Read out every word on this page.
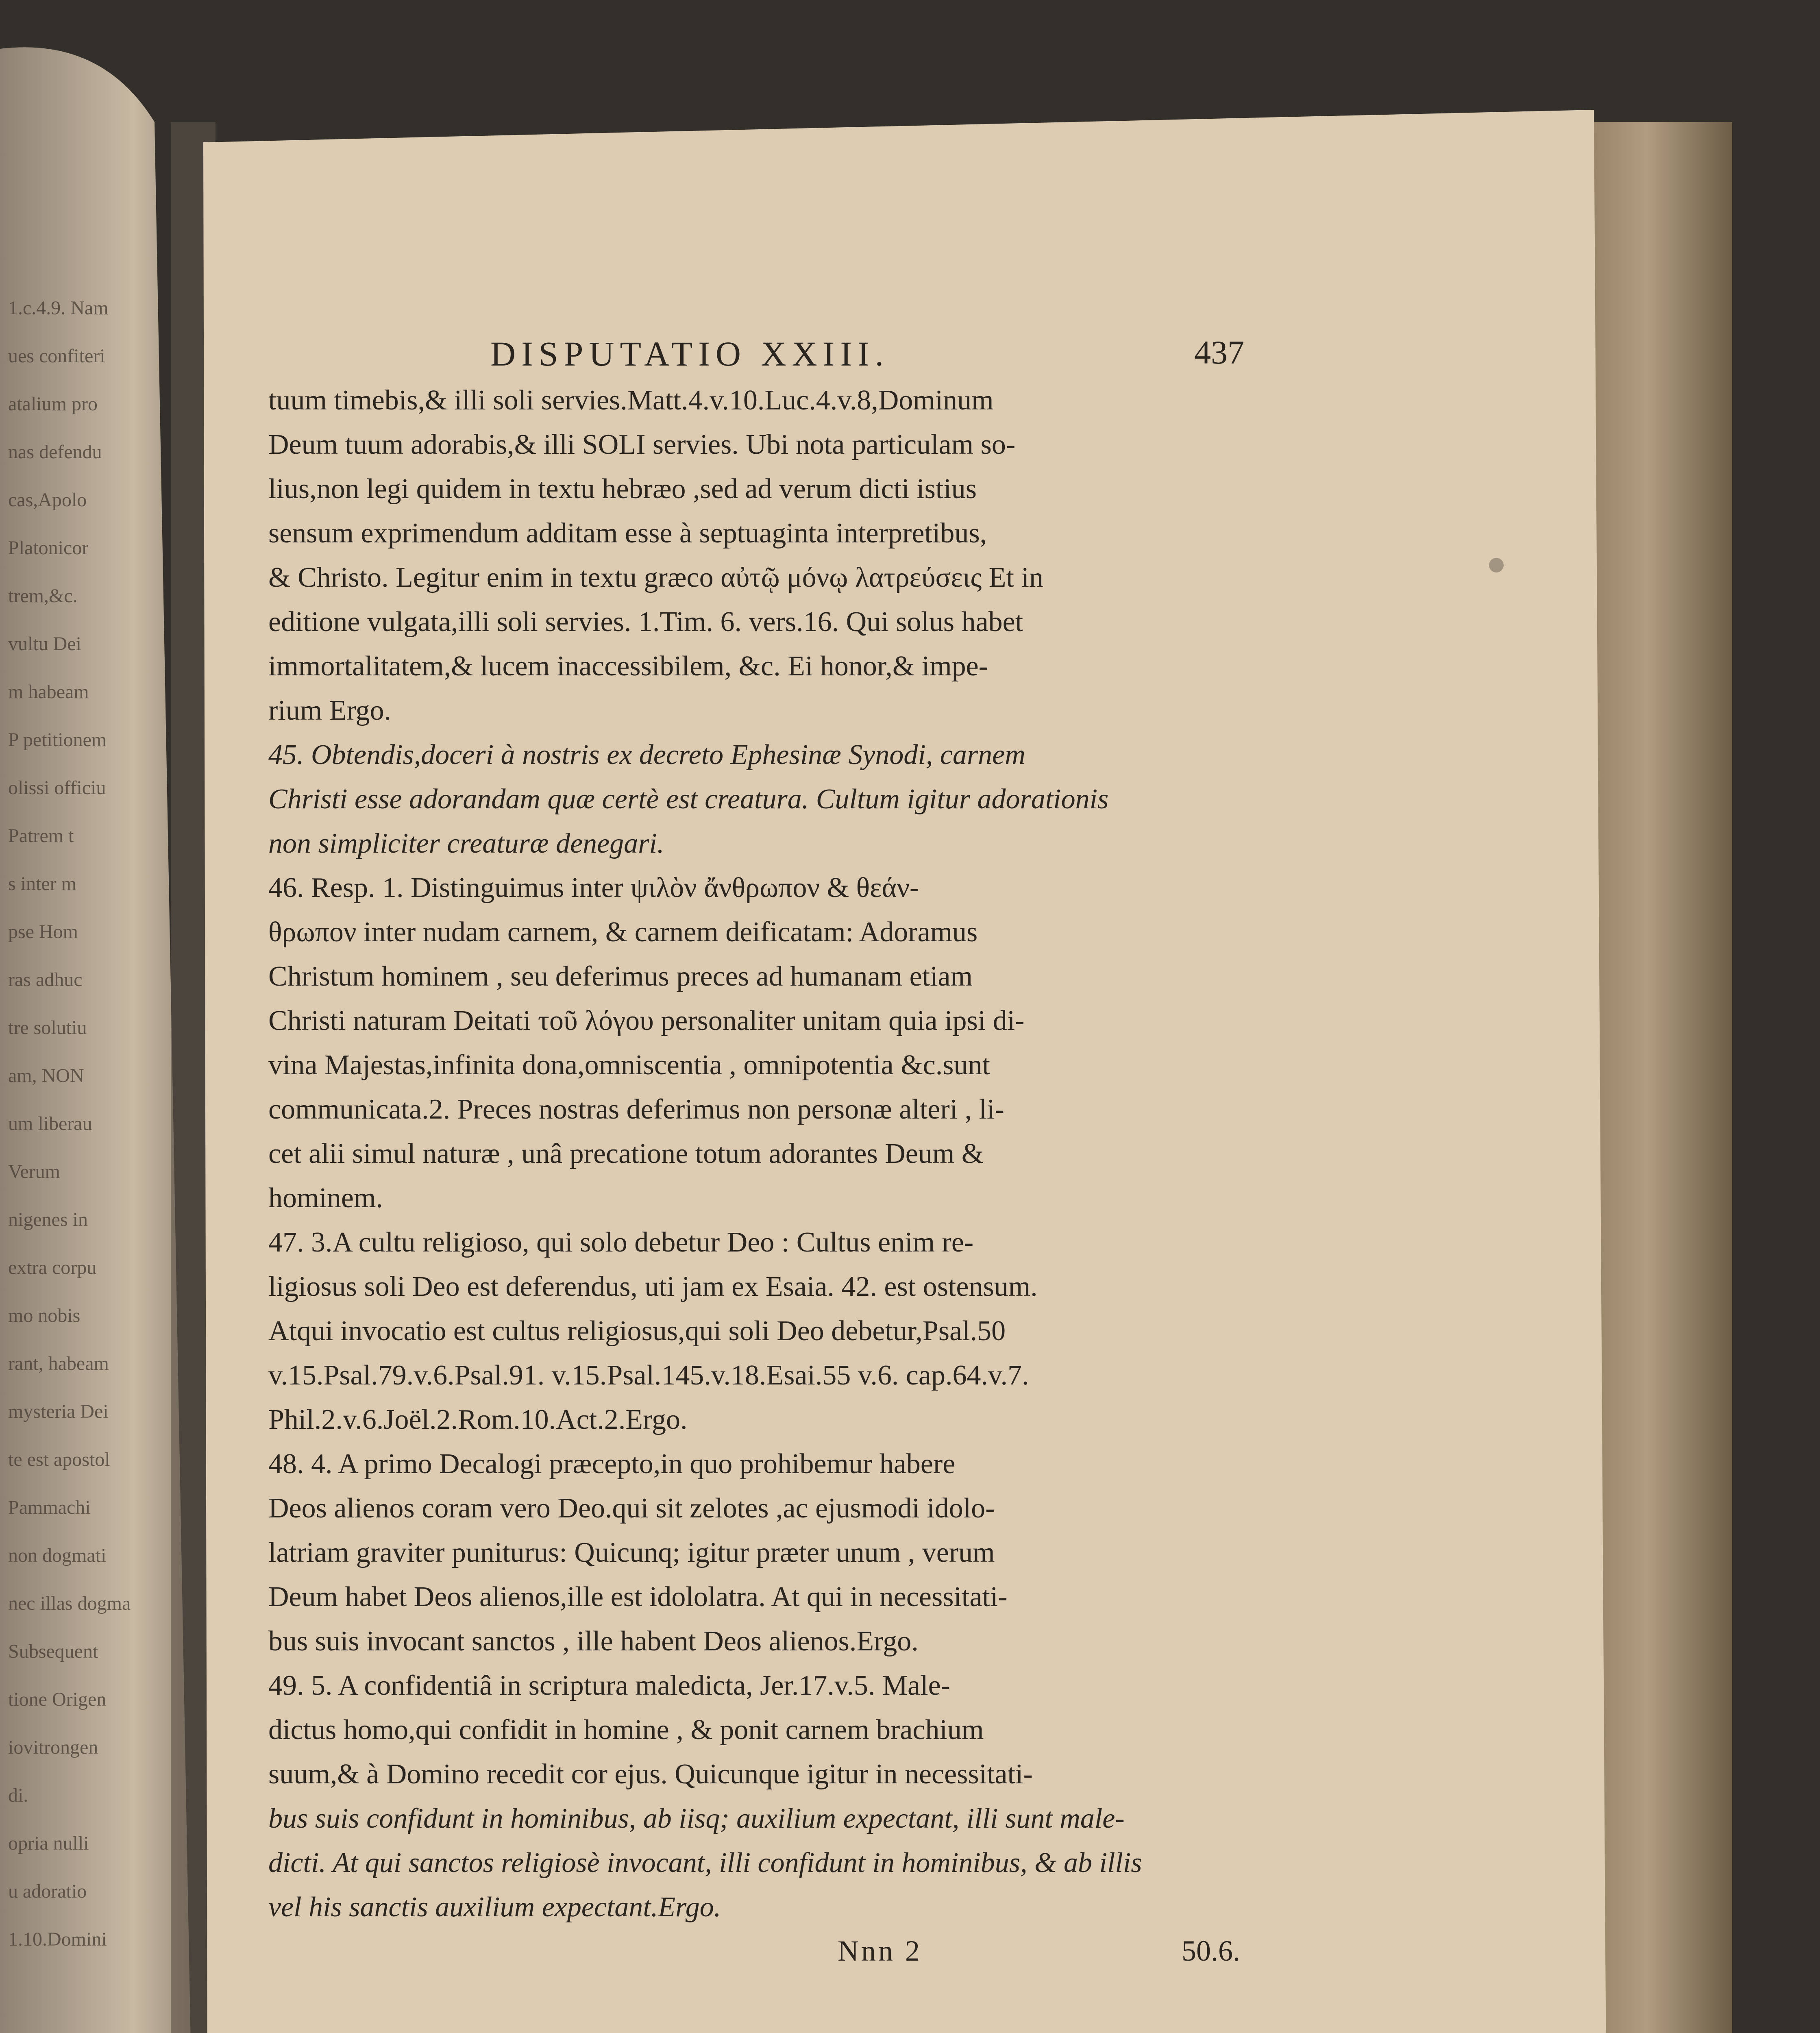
1.c.4.9. Nam
ues confiteri
atalium pro
nas defendu
cas,Apolo
Platonicor
trem,&c.
vultu Dei
m habeam
P petitionem
olissi officiu
Patrem t
s inter m
pse Hom
ras adhuc
tre solutiu
am, NON
um liberau
Verum
nigenes in
extra corpu
mo nobis
rant, habeam
mysteria Dei
te est apostol
Pammachi
non dogmati
nec illas dogma
Subsequent
tione Origen
iovitrongen
di.
opria nulli
u adoratio
1.10.Domini
DISPUTATIO XXIII.	437
tuum timebis,& illi soli servies.Matt.4.v.10.Luc.4.v.8,Dominum
Deum tuum adorabis,& illi SOLI servies. Ubi nota particulam so-
lius,non legi quidem in textu hebræo ,sed ad verum dicti istius
sensum exprimendum additam esse à septuaginta interpretibus,
& Christo. Legitur enim in textu græco αὐτῷ μόνῳ λατρεύσεις Et in
editione vulgata,illi soli servies. 1.Tim. 6. vers.16. Qui solus habet
immortalitatem,& lucem inaccessibilem, &c. Ei honor,& impe-
rium Ergo.
45. Obtendis,doceri à nostris ex decreto Ephesinæ Synodi, carnem
Christi esse adorandam quæ certè est creatura. Cultum igitur adorationis
non simpliciter creaturæ denegari.
46. Resp. 1. Distinguimus inter ψιλὸν ἄνθρωπον & θεάν-
θρωπον inter nudam carnem, & carnem deificatam: Adoramus
Christum hominem , seu deferimus preces ad humanam etiam
Christi naturam Deitati τοῦ λόγου personaliter unitam quia ipsi di-
vina Majestas,infinita dona,omniscentia , omnipotentia &c.sunt
communicata.2. Preces nostras deferimus non personæ alteri , li-
cet alii simul naturæ , unâ precatione totum adorantes Deum &
hominem.
47. 3.A cultu religioso, qui solo debetur Deo : Cultus enim re-
ligiosus soli Deo est deferendus, uti jam ex Esaia. 42. est ostensum.
Atqui invocatio est cultus religiosus,qui soli Deo debetur,Psal.50
v.15.Psal.79.v.6.Psal.91. v.15.Psal.145.v.18.Esai.55 v.6. cap.64.v.7.
Phil.2.v.6.Joël.2.Rom.10.Act.2.Ergo.
48. 4. A primo Decalogi præcepto,in quo prohibemur habere
Deos alienos coram vero Deo.qui sit zelotes ,ac ejusmodi idolo-
latriam graviter puniturus: Quicunq; igitur præter unum , verum
Deum habet Deos alienos,ille est idololatra. At qui in necessitati-
bus suis invocant sanctos , ille habent Deos alienos.Ergo.
49. 5. A confidentiâ in scriptura maledicta, Jer.17.v.5. Male-
dictus homo,qui confidit in homine , & ponit carnem brachium
suum,& à Domino recedit cor ejus. Quicunque igitur in necessitati-
bus suis confidunt in hominibus, ab iisq; auxilium expectant, illi sunt male-
dicti. At qui sanctos religiosè invocant, illi confidunt in hominibus, & ab illis
vel his sanctis auxilium expectant.Ergo.
Nnn 2	50.6.
